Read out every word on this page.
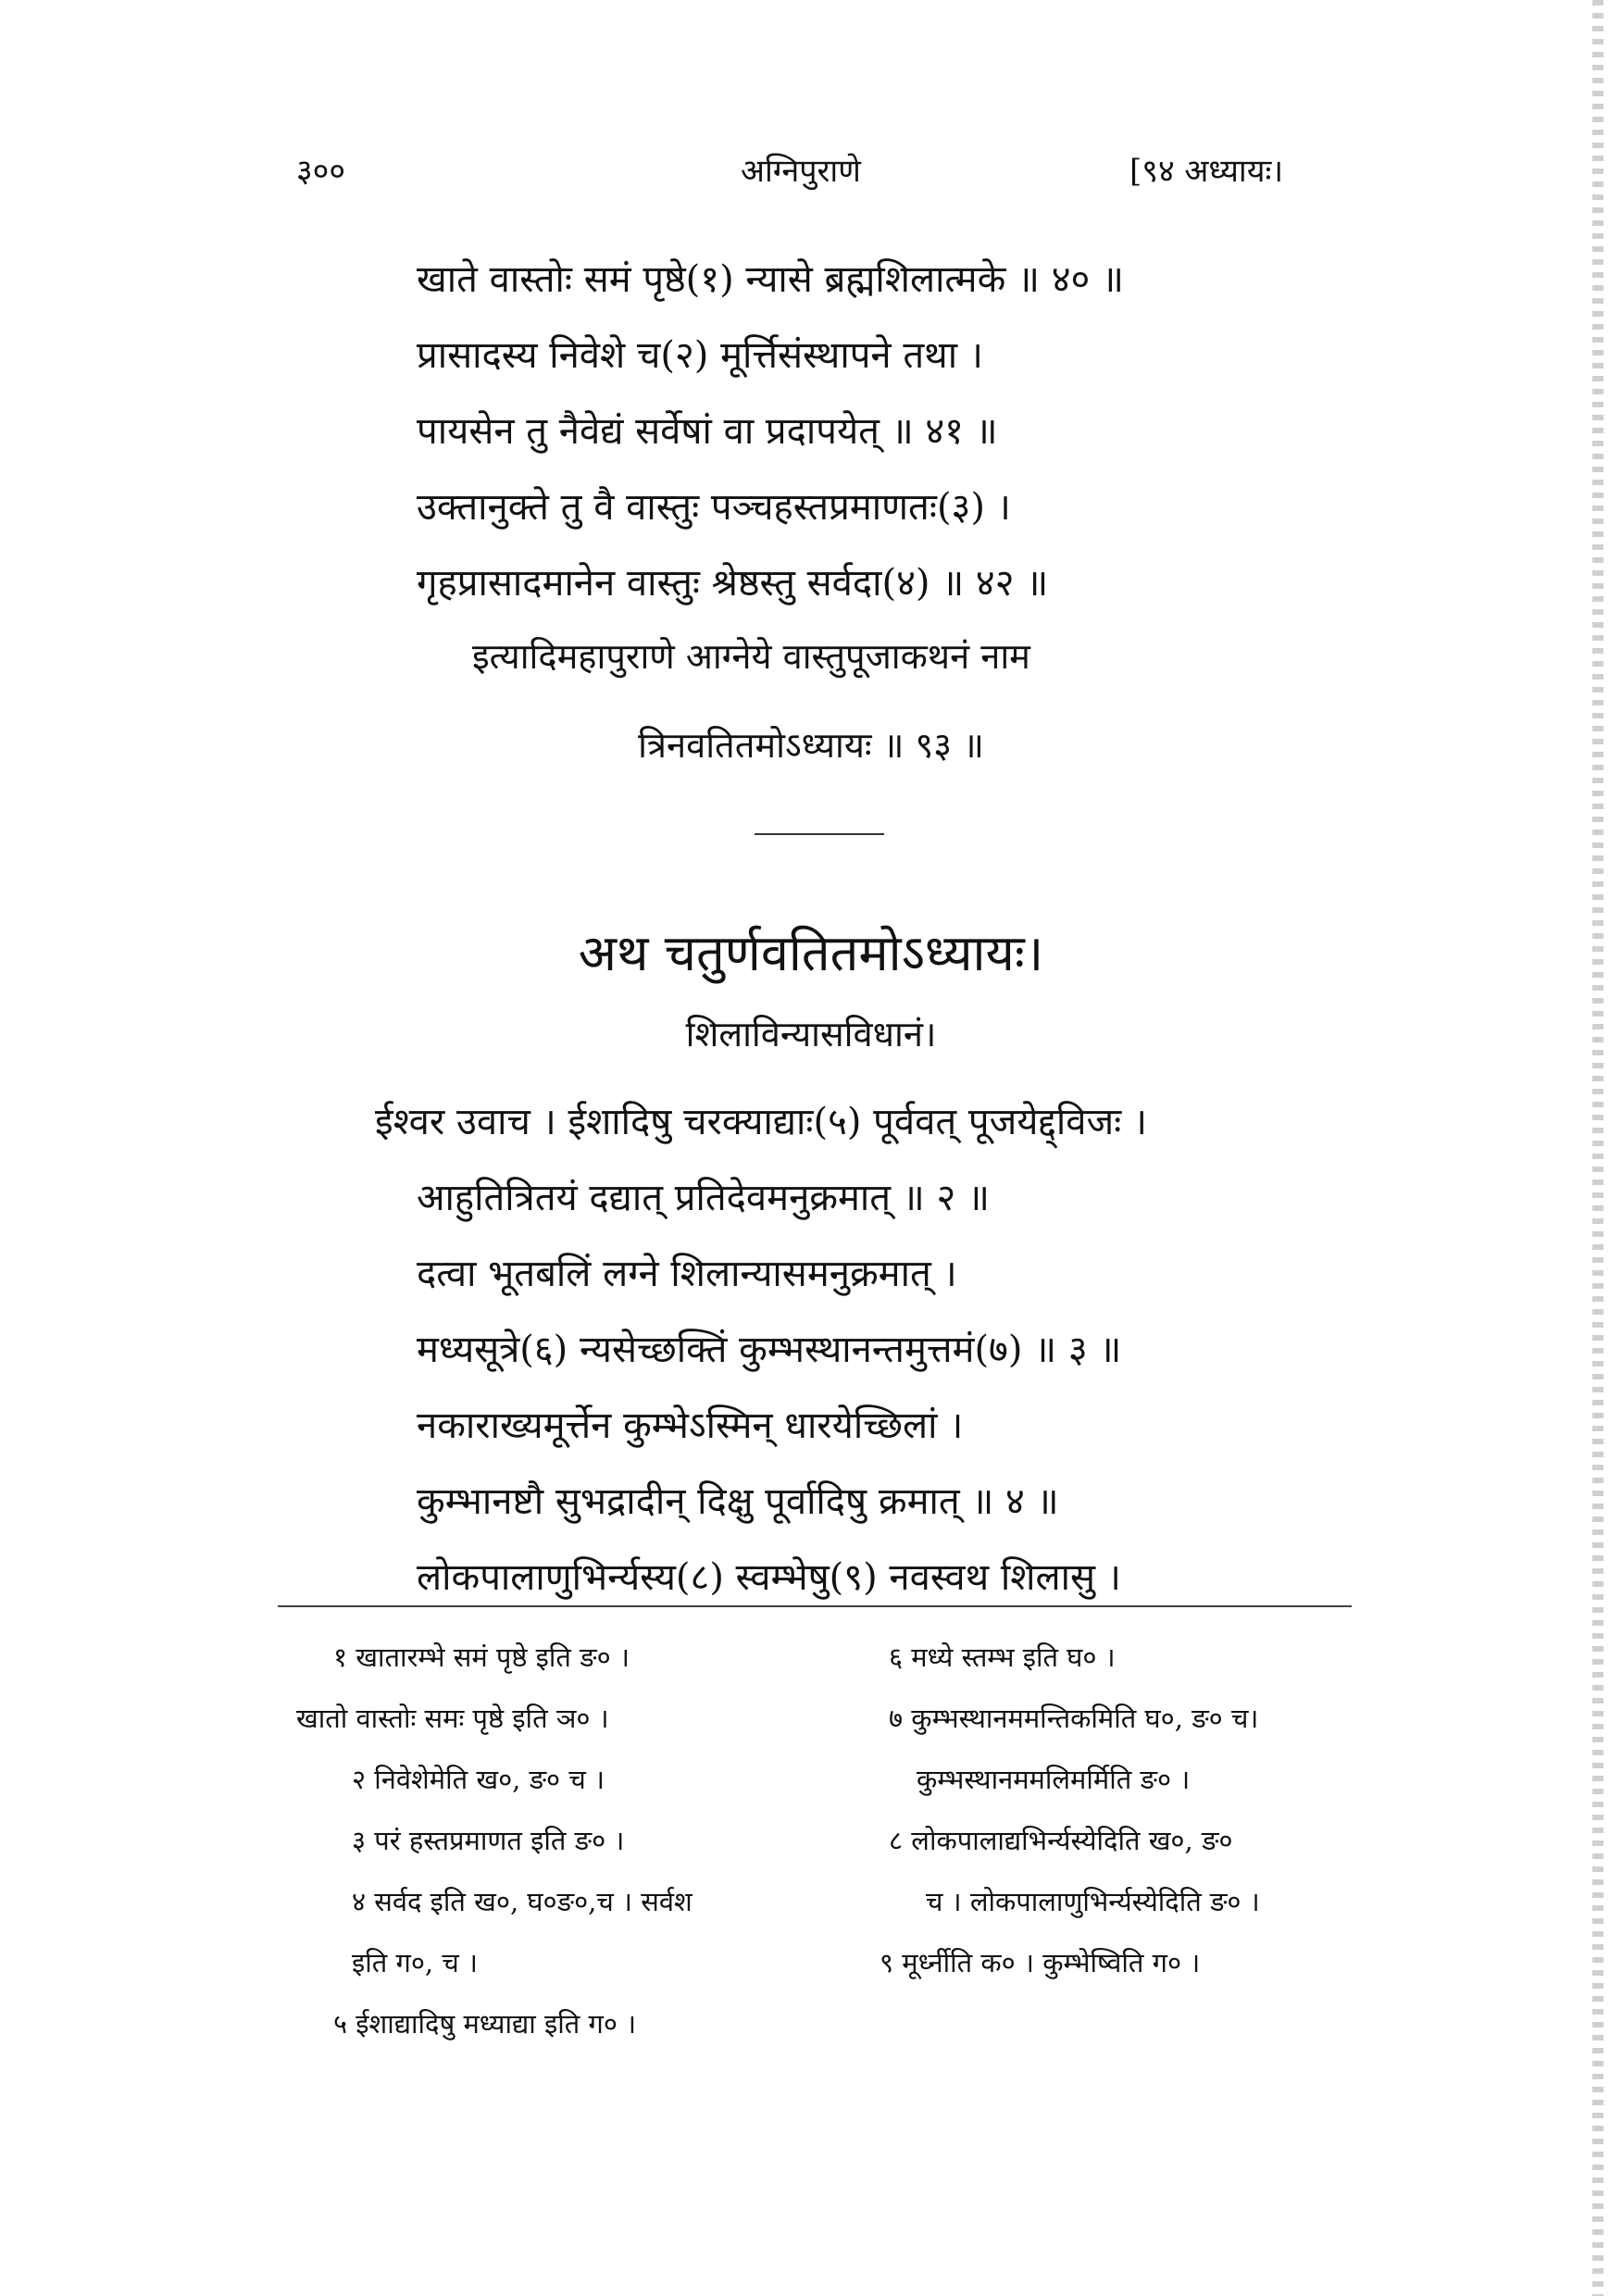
३००	अग्निपुराणे	[९४ अध्यायः।
खाते वास्तोः समं पृष्ठे(१) न्यासे ब्रह्मशिलात्मके ॥ ४० ॥
प्रासादस्य निवेशे च(२) मूर्त्तिसंस्थापने तथा ।
पायसेन तु नैवेद्यं सर्वेषां वा प्रदापयेत् ॥ ४१ ॥
उक्तानुक्ते तु वै वास्तुः पञ्चहस्तप्रमाणतः(३) ।
गृहप्रासादमानेन वास्तुः श्रेष्ठस्तु सर्वदा(४) ॥ ४२ ॥
इत्यादिमहापुराणे आग्नेये वास्तुपूजाकथनं नाम
त्रिनवतितमोऽध्यायः ॥ ९३ ॥
अथ चतुर्णवतितमोऽध्यायः।
शिलाविन्यासविधानं।
ईश्वर उवाच । ईशादिषु चरक्याद्याः(५) पूर्ववत् पूजयेद्द्विजः ।
आहुतित्रितयं दद्यात् प्रतिदेवमनुक्रमात् ॥ २ ॥
दत्वा भूतबलिं लग्ने शिलान्यासमनुक्रमात् ।
मध्यसूत्रे(६) न्यसेच्छक्तिं कुम्भस्थानन्तमुत्तमं(७) ॥ ३ ॥
नकाराख्यमूर्त्तेन कुम्भेऽस्मिन् धारयेच्छिलां ।
कुम्भानष्टौ सुभद्रादीन् दिक्षु पूर्वादिषु क्रमात् ॥ ४ ॥
लोकपालाणुभिर्न्यस्य(८) स्वम्भेषु(९) नवस्वथ शिलासु ।
१ खातारम्भे समं पृष्ठे इति ङ० ।
खातो वास्तोः समः पृष्ठे इति ञ० ।
२ निवेशेमेति ख०, ङ० च ।
३ परं हस्तप्रमाणत इति ङ० ।
४ सर्वद इति ख०, घ०ङ०,च । सर्वश
इति ग०, च ।
५ ईशाद्यादिषु मध्याद्या इति ग० ।
६ मध्ये स्तम्भ इति घ० ।
७ कुम्भस्थानममन्तिकमिति घ०, ङ० च।
कुम्भस्थानममलिमर्मिति ङ० ।
८ लोकपालाद्यभिर्न्यस्येदिति ख०, ङ०
च । लोकपालाणुभिर्न्यस्येदिति ङ० ।
९ मूर्ध्नीति क० । कुम्भेष्विति ग० ।
